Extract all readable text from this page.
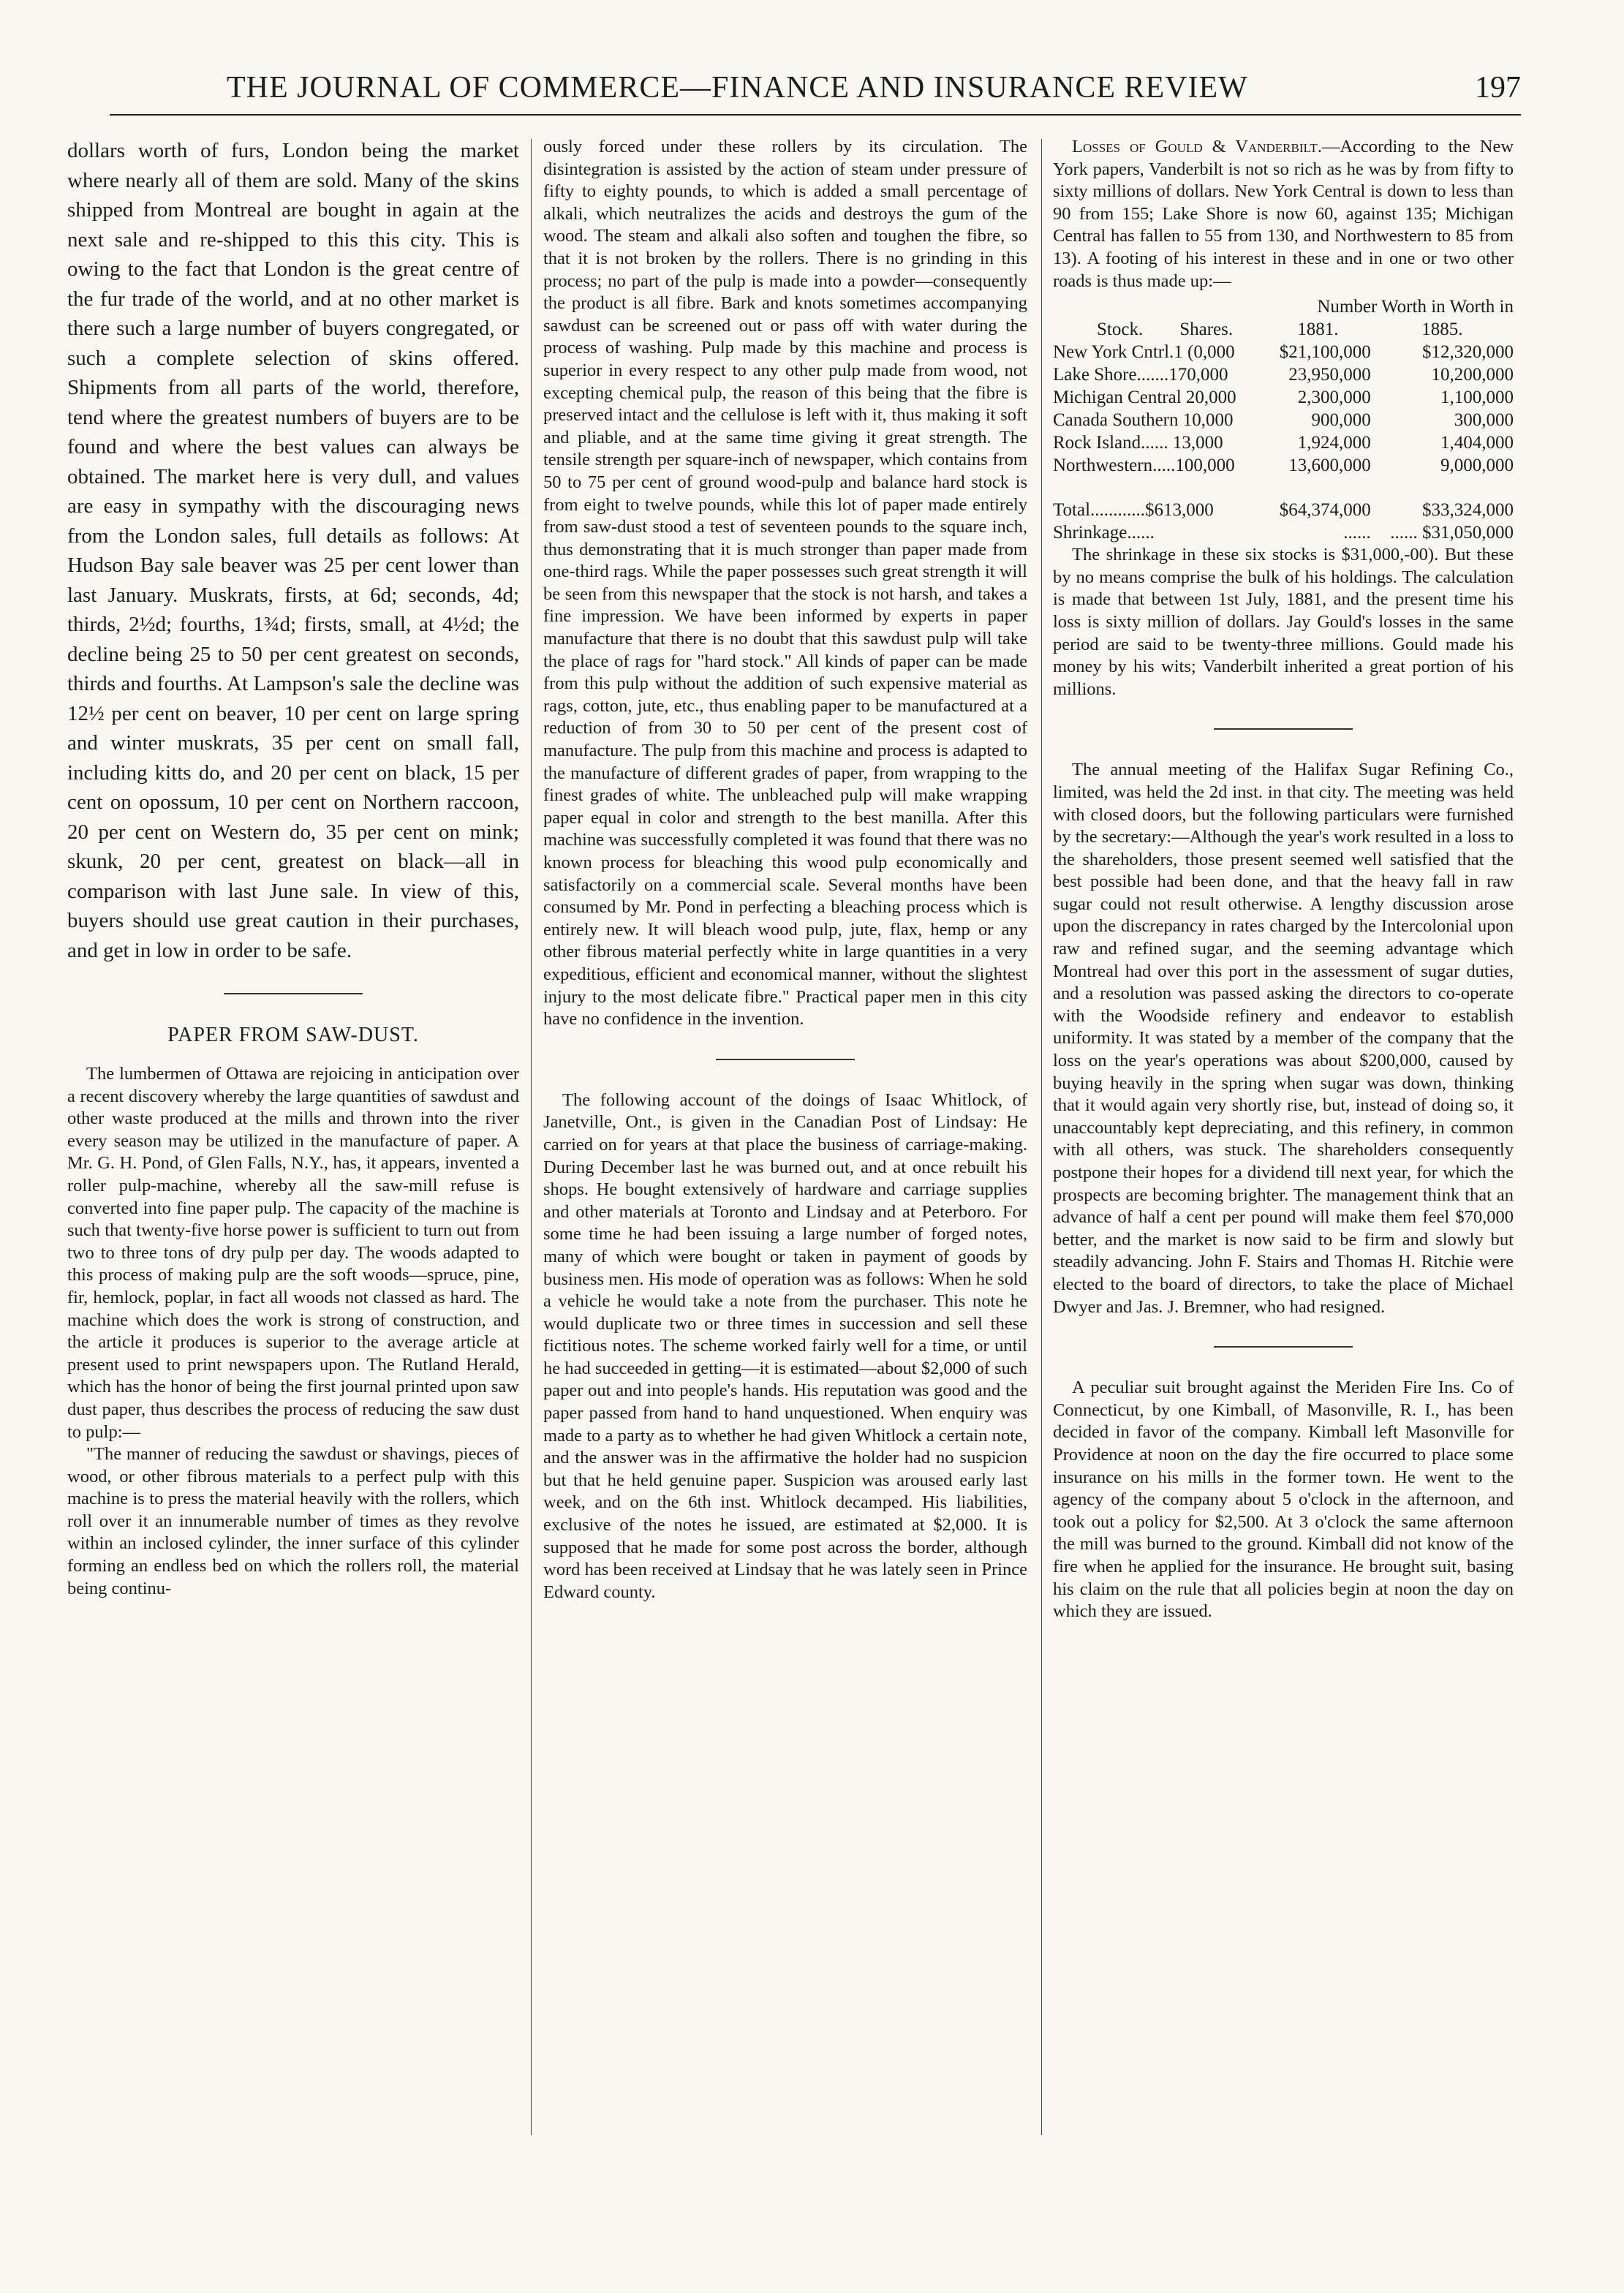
THE JOURNAL OF COMMERCE—FINANCE AND INSURANCE REVIEW	197

dollars worth of furs, London being the market where nearly all of them are sold. Many of the skins shipped from Montreal are bought in again at the next sale and re-shipped to this this city. This is owing to the fact that London is the great centre of the fur trade of the world, and at no other market is there such a large number of buyers congregated, or such a complete selection of skins offered. Shipments from all parts of the world, therefore, tend where the greatest numbers of buyers are to be found and where the best values can always be obtained. The market here is very dull, and values are easy in sympathy with the discouraging news from the London sales, full details as follows: At Hudson Bay sale beaver was 25 per cent lower than last January. Muskrats, firsts, at 6d; seconds, 4d; thirds, 2½d; fourths, 1¾d; firsts, small, at 4½d; the decline being 25 to 50 per cent greatest on seconds, thirds and fourths. At Lampson's sale the decline was 12½ per cent on beaver, 10 per cent on large spring and winter muskrats, 35 per cent on small fall, including kitts do, and 20 per cent on black, 15 per cent on opossum, 10 per cent on Northern raccoon, 20 per cent on Western do, 35 per cent on mink; skunk, 20 per cent, greatest on black—all in comparison with last June sale. In view of this, buyers should use great caution in their purchases, and get in low in order to be safe.

PAPER FROM SAW-DUST.

The lumbermen of Ottawa are rejoicing in anticipation over a recent discovery whereby the large quantities of sawdust and other waste produced at the mills and thrown into the river every season may be utilized in the manufacture of paper. A Mr. G. H. Pond, of Glen Falls, N.Y., has, it appears, invented a roller pulp-machine, whereby all the saw-mill refuse is converted into fine paper pulp. The capacity of the machine is such that twenty-five horse power is sufficient to turn out from two to three tons of dry pulp per day. The woods adapted to this process of making pulp are the soft woods—spruce, pine, fir, hemlock, poplar, in fact all woods not classed as hard. The machine which does the work is strong of construction, and the article it produces is superior to the average article at present used to print newspapers upon. The Rutland Herald, which has the honor of being the first journal printed upon saw dust paper, thus describes the process of reducing the saw dust to pulp:—

"The manner of reducing the sawdust or shavings, pieces of wood, or other fibrous materials to a perfect pulp with this machine is to press the material heavily with the rollers, which roll over it an innumerable number of times as they revolve within an inclosed cylinder, the inner surface of this cylinder forming an endless bed on which the rollers roll, the material being continu-

ously forced under these rollers by its circulation. The disintegration is assisted by the action of steam under pressure of fifty to eighty pounds, to which is added a small percentage of alkali, which neutralizes the acids and destroys the gum of the wood. The steam and alkali also soften and toughen the fibre, so that it is not broken by the rollers. There is no grinding in this process; no part of the pulp is made into a powder—consequently the product is all fibre. Bark and knots sometimes accompanying sawdust can be screened out or pass off with water during the process of washing. Pulp made by this machine and process is superior in every respect to any other pulp made from wood, not excepting chemical pulp, the reason of this being that the fibre is preserved intact and the cellulose is left with it, thus making it soft and pliable, and at the same time giving it great strength. The tensile strength per square-inch of newspaper, which contains from 50 to 75 per cent of ground wood-pulp and balance hard stock is from eight to twelve pounds, while this lot of paper made entirely from saw-dust stood a test of seventeen pounds to the square inch, thus demonstrating that it is much stronger than paper made from one-third rags. While the paper possesses such great strength it will be seen from this newspaper that the stock is not harsh, and takes a fine impression. We have been informed by experts in paper manufacture that there is no doubt that this sawdust pulp will take the place of rags for "hard stock." All kinds of paper can be made from this pulp without the addition of such expensive material as rags, cotton, jute, etc., thus enabling paper to be manufactured at a reduction of from 30 to 50 per cent of the present cost of manufacture. The pulp from this machine and process is adapted to the manufacture of different grades of paper, from wrapping to the finest grades of white. The unbleached pulp will make wrapping paper equal in color and strength to the best manilla. After this machine was successfully completed it was found that there was no known process for bleaching this wood pulp economically and satisfactorily on a commercial scale. Several months have been consumed by Mr. Pond in perfecting a bleaching process which is entirely new. It will bleach wood pulp, jute, flax, hemp or any other fibrous material perfectly white in large quantities in a very expeditious, efficient and economical manner, without the slightest injury to the most delicate fibre." Practical paper men in this city have no confidence in the invention.

The following account of the doings of Isaac Whitlock, of Janetville, Ont., is given in the Canadian Post of Lindsay: He carried on for years at that place the business of carriage-making. During December last he was burned out, and at once rebuilt his shops. He bought extensively of hardware and carriage supplies and other materials at Toronto and Lindsay and at Peterboro. For some time he had been issuing a large number of forged notes, many of which were bought or taken in payment of goods by business men. His mode of operation was as follows: When he sold a vehicle he would take a note from the purchaser. This note he would duplicate two or three times in succession and sell these fictitious notes. The scheme worked fairly well for a time, or until he had succeeded in getting—it is estimated—about $2,000 of such paper out and into people's hands. His reputation was good and the paper passed from hand to hand unquestioned. When enquiry was made to a party as to whether he had given Whitlock a certain note, and the answer was in the affirmative the holder had no suspicion but that he held genuine paper. Suspicion was aroused early last week, and on the 6th inst. Whitlock decamped. His liabilities, exclusive of the notes he issued, are estimated at $2,000. It is supposed that he made for some post across the border, although word has been received at Lindsay that he was lately seen in Prince Edward county.

Losses of Gould & Vanderbilt.—According to the New York papers, Vanderbilt is not so rich as he was by from fifty to sixty millions of dollars. New York Central is down to less than 90 from 155; Lake Shore is now 60, against 135; Michigan Central has fallen to 55 from 130, and Northwestern to 85 from 13). A footing of his interest in these and in one or two other roads is thus made up:—

Number Worth in Worth in		
Stock. Shares.	1881.	1885.
New York Cntrl.1 (0,000	$21,100,000	$12,320,000
Lake Shore.......170,000	23,950,000	10,200,000
Michigan Central 20,000	2,300,000	1,100,000
Canada Southern 10,000	900,000	300,000
Rock Island...... 13,000	1,924,000	1,404,000
Northwestern.....100,000	13,600,000	9,000,000
Total............$613,000	$64,374,000	$33,324,000
Shrinkage......	......	...... $31,050,000

The shrinkage in these six stocks is $31,000,-00). But these by no means comprise the bulk of his holdings. The calculation is made that between 1st July, 1881, and the present time his loss is sixty million of dollars. Jay Gould's losses in the same period are said to be twenty-three millions. Gould made his money by his wits; Vanderbilt inherited a great portion of his millions.

The annual meeting of the Halifax Sugar Refining Co., limited, was held the 2d inst. in that city. The meeting was held with closed doors, but the following particulars were furnished by the secretary:—Although the year's work resulted in a loss to the shareholders, those present seemed well satisfied that the best possible had been done, and that the heavy fall in raw sugar could not result otherwise. A lengthy discussion arose upon the discrepancy in rates charged by the Intercolonial upon raw and refined sugar, and the seeming advantage which Montreal had over this port in the assessment of sugar duties, and a resolution was passed asking the directors to co-operate with the Woodside refinery and endeavor to establish uniformity. It was stated by a member of the company that the loss on the year's operations was about $200,000, caused by buying heavily in the spring when sugar was down, thinking that it would again very shortly rise, but, instead of doing so, it unaccountably kept depreciating, and this refinery, in common with all others, was stuck. The shareholders consequently postpone their hopes for a dividend till next year, for which the prospects are becoming brighter. The management think that an advance of half a cent per pound will make them feel $70,000 better, and the market is now said to be firm and slowly but steadily advancing. John F. Stairs and Thomas H. Ritchie were elected to the board of directors, to take the place of Michael Dwyer and Jas. J. Bremner, who had resigned.

A peculiar suit brought against the Meriden Fire Ins. Co of Connecticut, by one Kimball, of Masonville, R. I., has been decided in favor of the company. Kimball left Masonville for Providence at noon on the day the fire occurred to place some insurance on his mills in the former town. He went to the agency of the company about 5 o'clock in the afternoon, and took out a policy for $2,500. At 3 o'clock the same afternoon the mill was burned to the ground. Kimball did not know of the fire when he applied for the insurance. He brought suit, basing his claim on the rule that all policies begin at noon the day on which they are issued.
